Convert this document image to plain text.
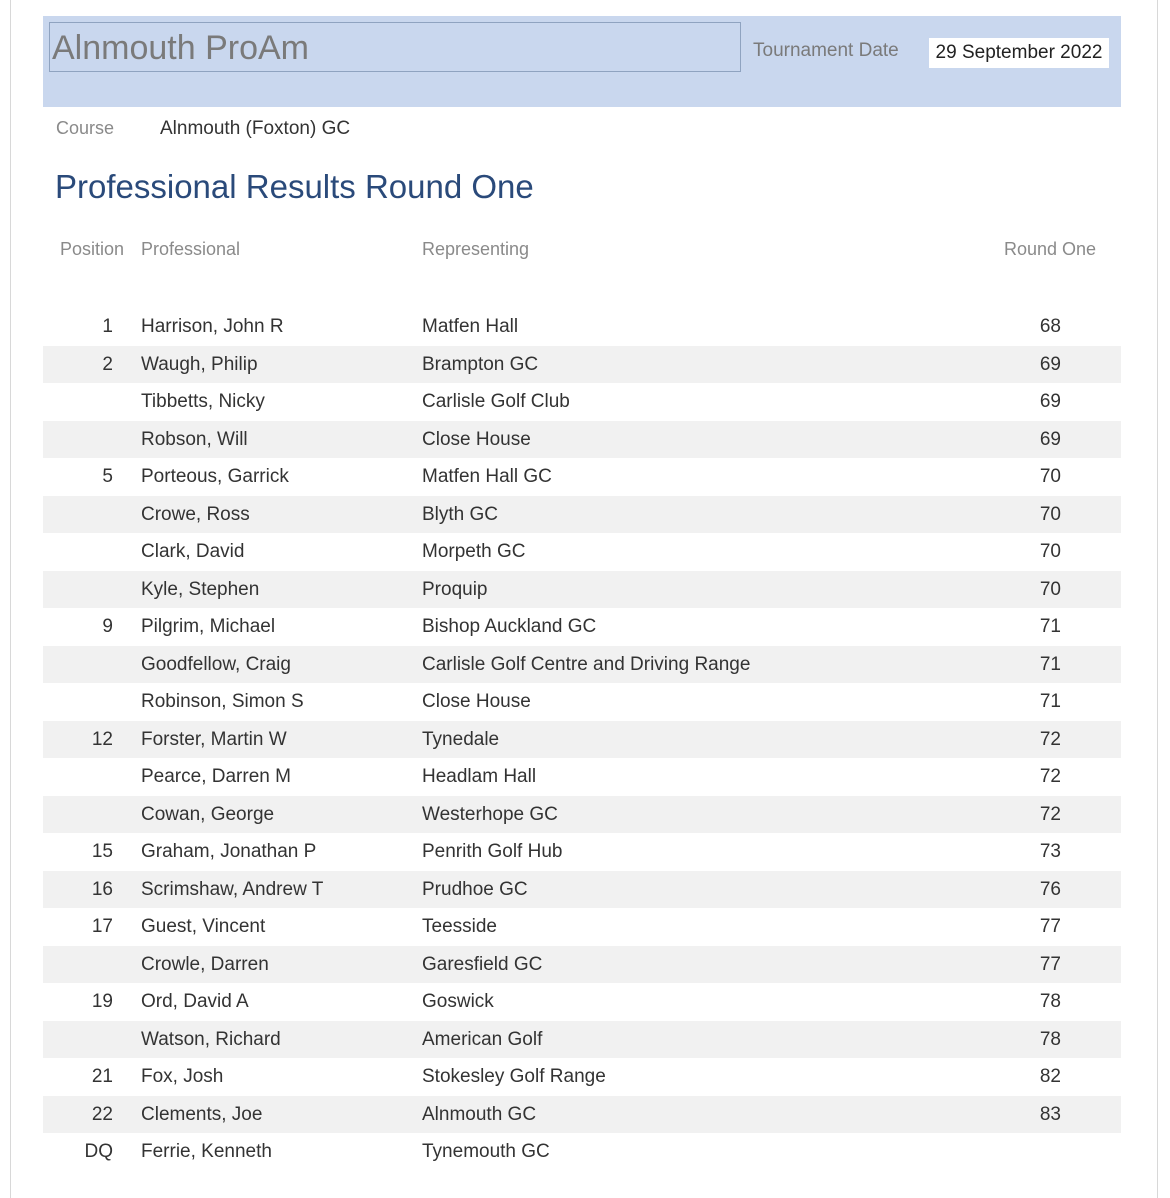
Alnmouth ProAm	Tournament Date	29 September 2022
Course Alnmouth (Foxton) GC
Professional Results Round One
Position Professional	Representing	Round One
1 Harrison, John R	Matfen Hall	68
2 Waugh, Philip	Brampton GC	69
Tibbetts, Nicky	Carlisle Golf Club	69
Robson, Will	Close House	69
5 Porteous, Garrick	Matfen Hall GC	70
Crowe, Ross	Blyth GC	70
Clark, David	Morpeth GC	70
Kyle, Stephen	Proquip	70
9 Pilgrim, Michael	Bishop Auckland GC	71
Goodfellow, Craig	Carlisle Golf Centre and Driving Range	71
Robinson, Simon S	Close House	71
12 Forster, Martin W	Tynedale	72
Pearce, Darren M	Headlam Hall	72
Cowan, George	Westerhope GC	72
15 Graham, Jonathan P	Penrith Golf Hub	73
16 Scrimshaw, Andrew T	Prudhoe GC	76
17 Guest, Vincent	Teesside	77
Crowle, Darren	Garesfield GC	77
19 Ord, David A	Goswick	78
Watson, Richard	American Golf	78
21 Fox, Josh	Stokesley Golf Range	82
22 Clements, Joe	Alnmouth GC	83
DQ Ferrie, Kenneth	Tynemouth GC
